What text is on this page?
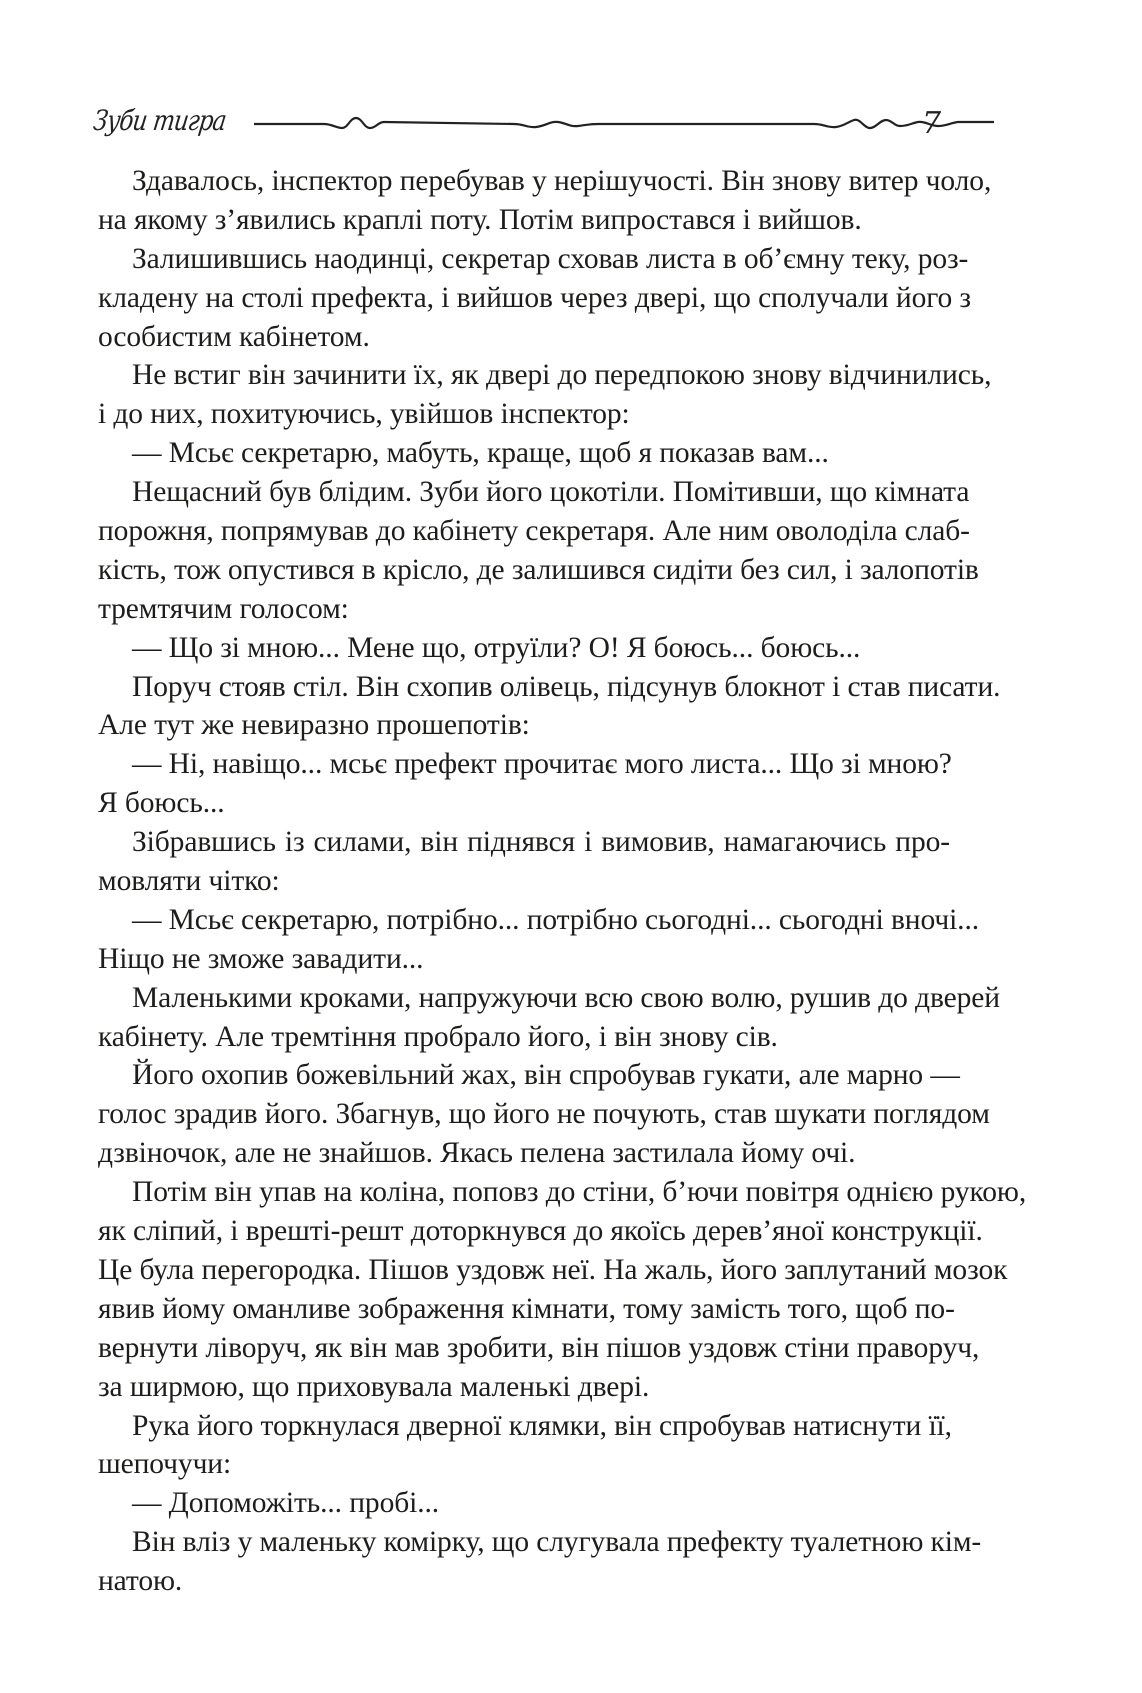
Зуби тигра	7
Здавалось, інспектор перебував у нерішучості. Він знову витер чоло,
на якому з’явились краплі поту. Потім випростався і вийшов.
Залишившись наодинці, секретар сховав листа в об’ємну теку, роз-
кладену на столі префекта, і вийшов через двері, що сполучали його з
особистим кабінетом.
Не встиг він зачинити їх, як двері до передпокою знову відчинились,
і до них, похитуючись, увійшов інспектор:
— Мсьє секретарю, мабуть, краще, щоб я показав вам...
Нещасний був блідим. Зуби його цокотіли. Помітивши, що кімната
порожня, попрямував до кабінету секретаря. Але ним оволоділа слаб-
кість, тож опустився в крісло, де залишився сидіти без сил, і залопотів
тремтячим голосом:
— Що зі мною... Мене що, отруїли? О! Я боюсь... боюсь...
Поруч стояв стіл. Він схопив олівець, підсунув блокнот і став писати.
Але тут же невиразно прошепотів:
— Ні, навіщо... мсьє префект прочитає мого листа... Що зі мною?
Я боюсь...
Зібравшись із силами, він піднявся і вимовив, намагаючись про-
мовляти чітко:
— Мсьє секретарю, потрібно... потрібно сьогодні... сьогодні вночі...
Ніщо не зможе завадити...
Маленькими кроками, напружуючи всю свою волю, рушив до дверей
кабінету. Але тремтіння пробрало його, і він знову сів.
Його охопив божевільний жах, він спробував гукати, але марно —
голос зрадив його. Збагнув, що його не почують, став шукати поглядом
дзвіночок, але не знайшов. Якась пелена застилала йому очі.
Потім він упав на коліна, поповз до стіни, б’ючи повітря однією рукою,
як сліпий, і врешті-решт доторкнувся до якоїсь дерев’яної конструкції.
Це була перегородка. Пішов уздовж неї. На жаль, його заплутаний мозок
явив йому оманливе зображення кімнати, тому замість того, щоб по-
вернути ліворуч, як він мав зробити, він пішов уздовж стіни праворуч,
за ширмою, що приховувала маленькі двері.
Рука його торкнулася дверної клямки, він спробував натиснути її,
шепочучи:
— Допоможіть... пробі...
Він вліз у маленьку комірку, що слугувала префекту туалетною кім-
натою.
